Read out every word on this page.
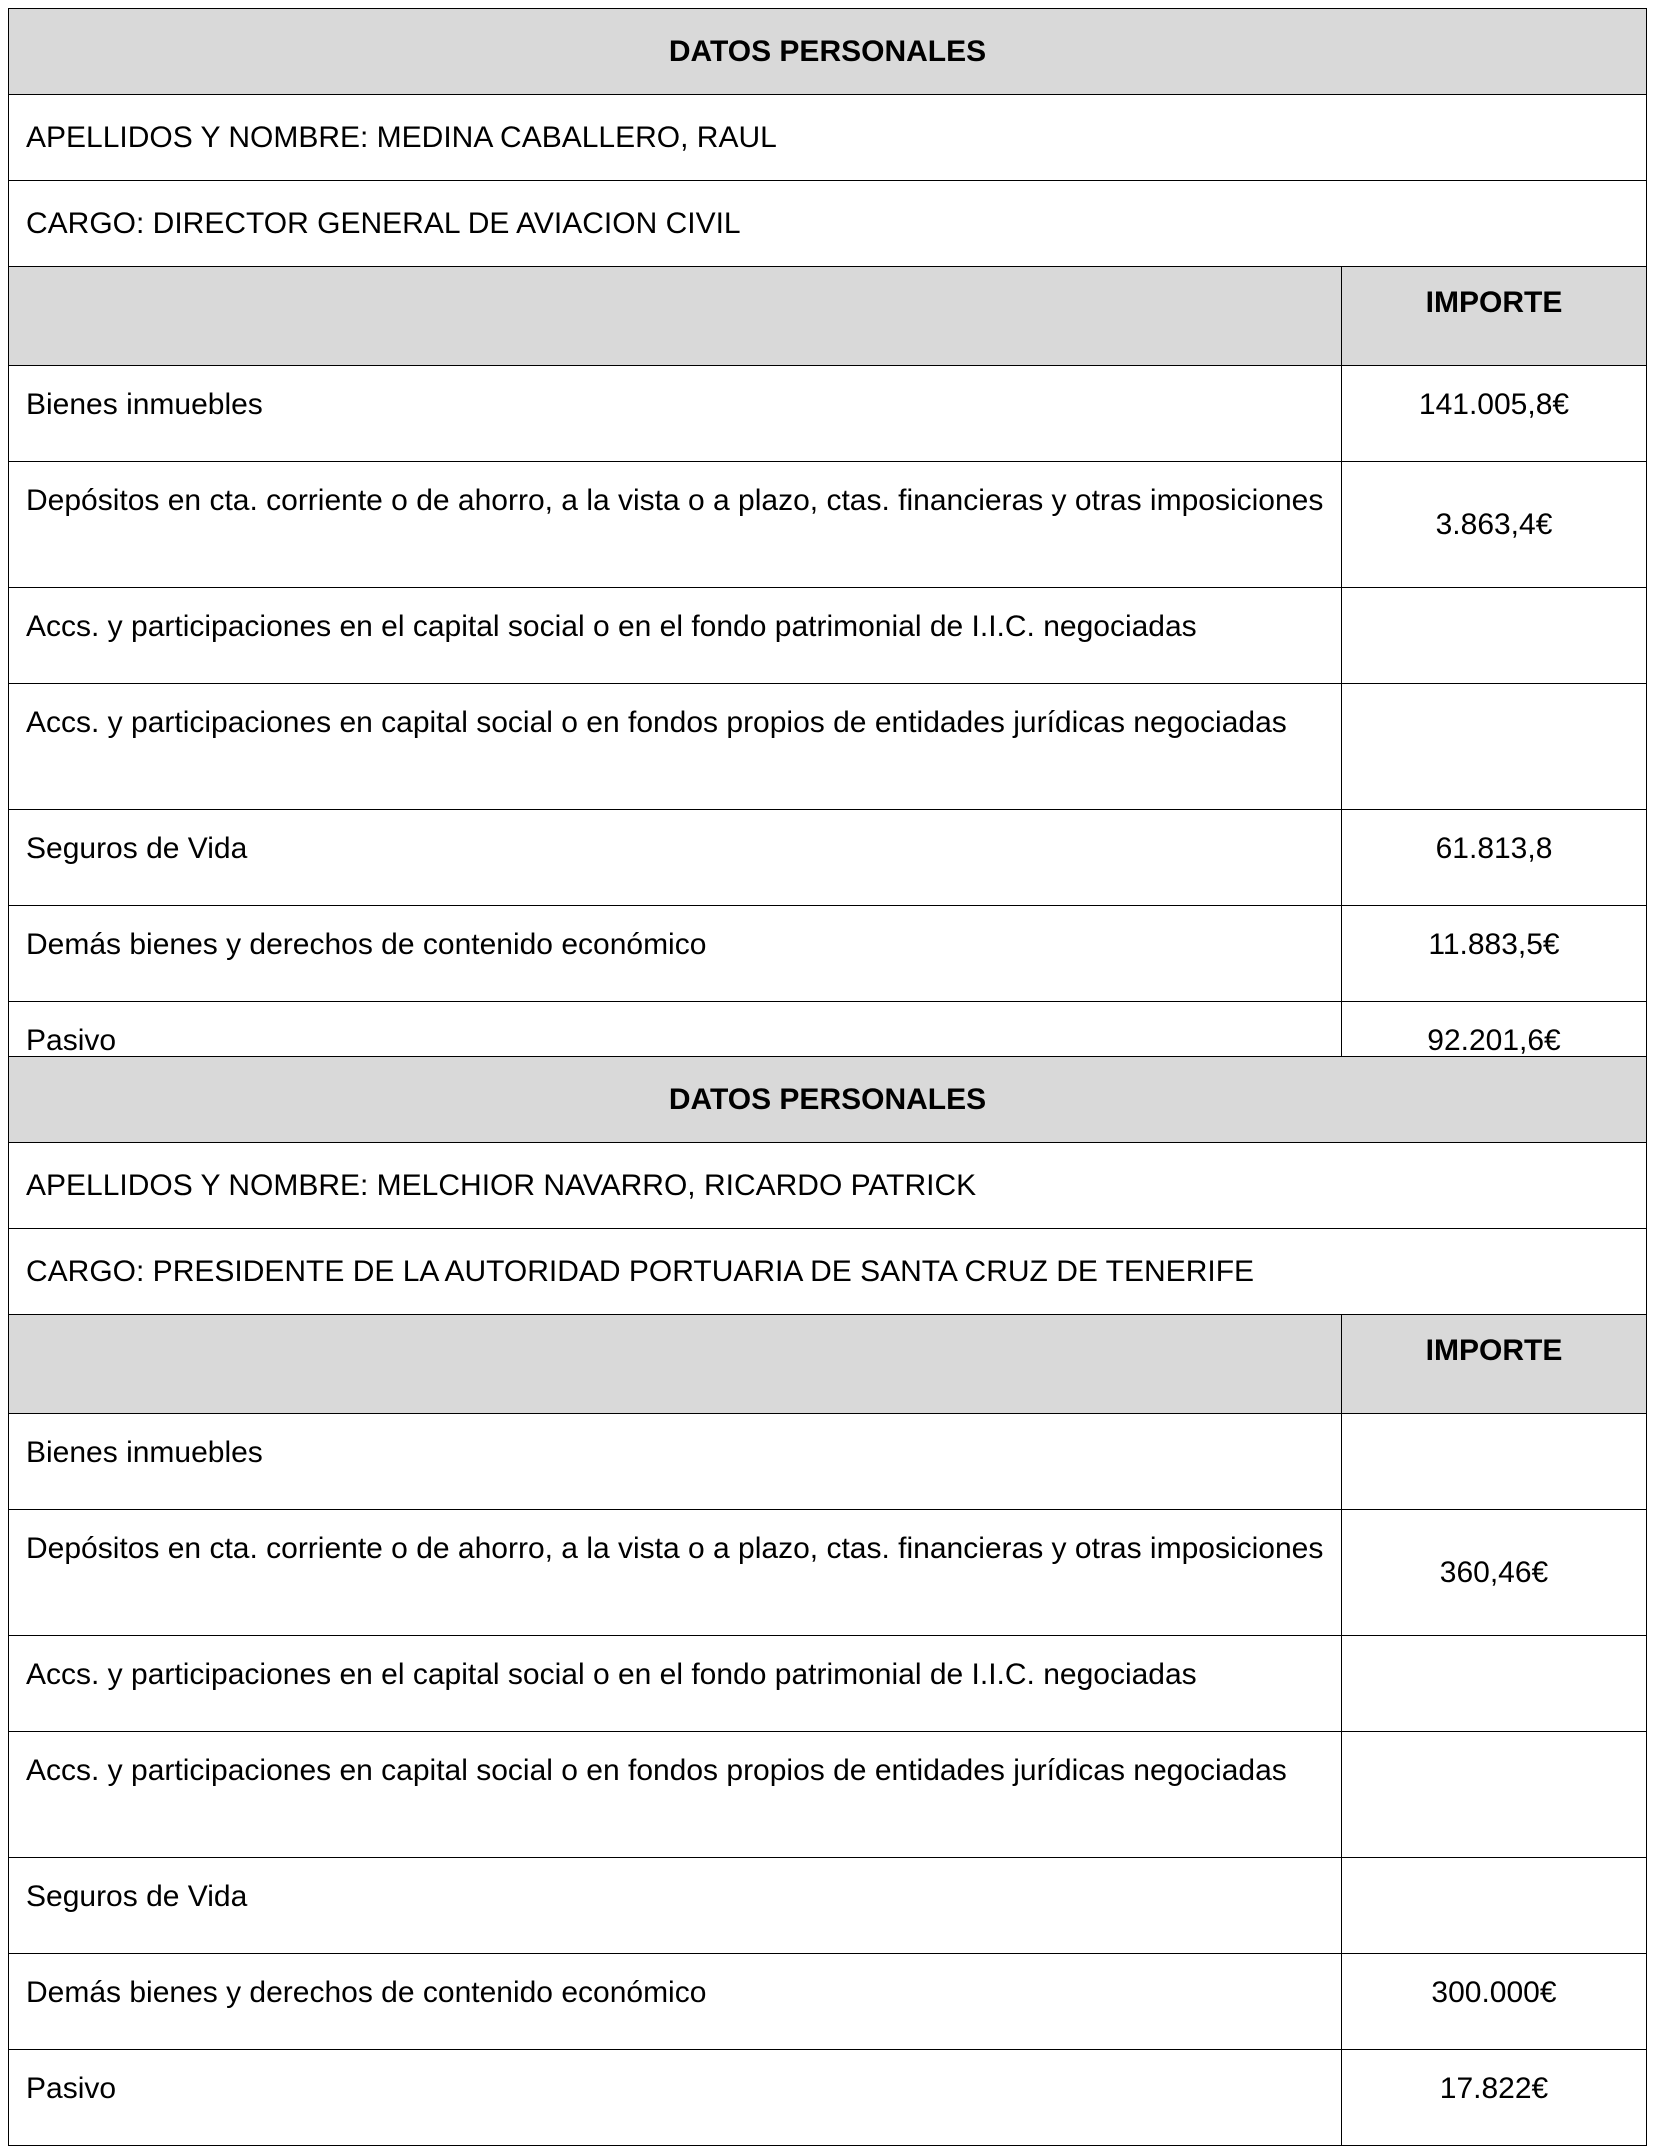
DATOS PERSONALES	
APELLIDOS Y NOMBRE: MEDINA CABALLERO, RAUL	
CARGO: DIRECTOR GENERAL DE AVIACION CIVIL	
	IMPORTE
Bienes inmuebles	141.005,8€
Depósitos en cta. corriente o de ahorro, a la vista o a plazo, ctas. financieras y otras imposiciones	3.863,4€
Accs. y participaciones en el capital social o en el fondo patrimonial de I.I.C. negociadas	
Accs. y participaciones en capital social o en fondos propios de entidades jurídicas negociadas	
Seguros de Vida	61.813,8
Demás bienes y derechos de contenido económico	11.883,5€
Pasivo	92.201,6€
DATOS PERSONALES	
APELLIDOS Y NOMBRE: MELCHIOR NAVARRO, RICARDO PATRICK	
CARGO: PRESIDENTE DE LA AUTORIDAD PORTUARIA DE SANTA CRUZ DE TENERIFE	
	IMPORTE
Bienes inmuebles	
Depósitos en cta. corriente o de ahorro, a la vista o a plazo, ctas. financieras y otras imposiciones	360,46€
Accs. y participaciones en el capital social o en el fondo patrimonial de I.I.C. negociadas	
Accs. y participaciones en capital social o en fondos propios de entidades jurídicas negociadas	
Seguros de Vida	
Demás bienes y derechos de contenido económico	300.000€
Pasivo	17.822€
